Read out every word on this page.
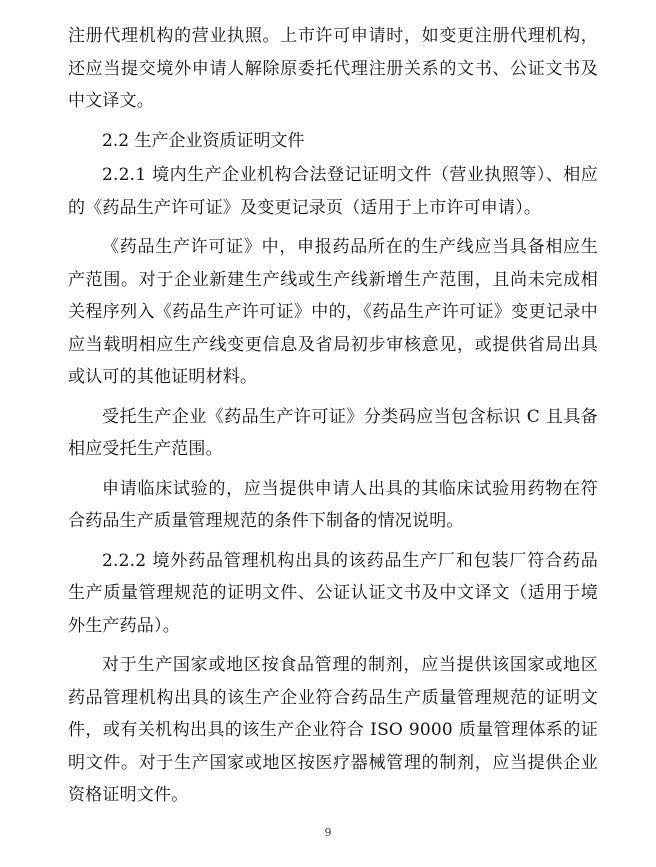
注册代理机构的营业执照。上市许可申请时，如变更注册代理机构，还应当提交境外申请人解除原委托代理注册关系的文书、公证文书及中文译文。

2.2 生产企业资质证明文件

2.2.1 境内生产企业机构合法登记证明文件（营业执照等）、相应的《药品生产许可证》及变更记录页（适用于上市许可申请）。

《药品生产许可证》中，申报药品所在的生产线应当具备相应生产范围。对于企业新建生产线或生产线新增生产范围，且尚未完成相关程序列入《药品生产许可证》中的，《药品生产许可证》变更记录中应当载明相应生产线变更信息及省局初步审核意见，或提供省局出具或认可的其他证明材料。

受托生产企业《药品生产许可证》分类码应当包含标识 C 且具备相应受托生产范围。

申请临床试验的，应当提供申请人出具的其临床试验用药物在符合药品生产质量管理规范的条件下制备的情况说明。

2.2.2 境外药品管理机构出具的该药品生产厂和包装厂符合药品生产质量管理规范的证明文件、公证认证文书及中文译文（适用于境外生产药品）。

对于生产国家或地区按食品管理的制剂，应当提供该国家或地区药品管理机构出具的该生产企业符合药品生产质量管理规范的证明文件，或有关机构出具的该生产企业符合 ISO 9000 质量管理体系的证明文件。对于生产国家或地区按医疗器械管理的制剂，应当提供企业资格证明文件。

9
